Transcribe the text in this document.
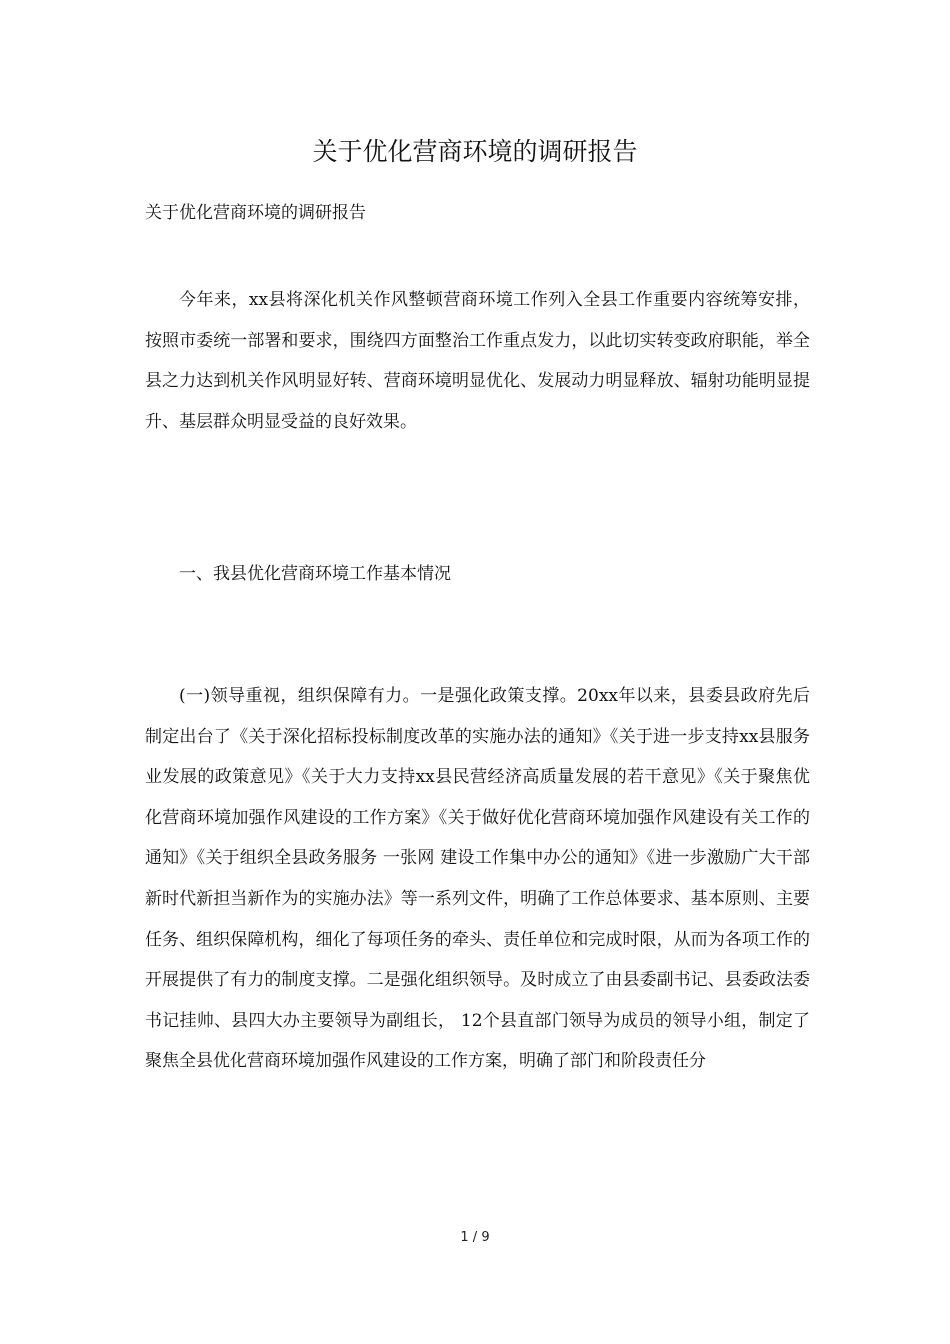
关于优化营商环境的调研报告
关于优化营商环境的调研报告

今年来，xx县将深化机关作风整顿营商环境工作列入全县工作重要内容统筹安排，按照市委统一部署和要求，围绕四方面整治工作重点发力，以此切实转变政府职能，举全县之力达到机关作风明显好转、营商环境明显优化、发展动力明显释放、辐射功能明显提升、基层群众明显受益的良好效果。

一、我县优化营商环境工作基本情况

(一)领导重视，组织保障有力。一是强化政策支撑。20xx年以来，县委县政府先后制定出台了《关于深化招标投标制度改革的实施办法的通知》《关于进一步支持xx县服务业发展的政策意见》《关于大力支持xx县民营经济高质量发展的若干意见》《关于聚焦优化营商环境加强作风建设的工作方案》《关于做好优化营商环境加强作风建设有关工作的通知》《关于组织全县政务服务 一张网 建设工作集中办公的通知》《进一步激励广大干部新时代新担当新作为的实施办法》等一系列文件，明确了工作总体要求、基本原则、主要任务、组织保障机构，细化了每项任务的牵头、责任单位和完成时限，从而为各项工作的开展提供了有力的制度支撑。二是强化组织领导。及时成立了由县委副书记、县委政法委书记挂帅、县四大办主要领导为副组长， 12个县直部门领导为成员的领导小组，制定了聚焦全县优化营商环境加强作风建设的工作方案，明确了部门和阶段责任分

1 / 9
